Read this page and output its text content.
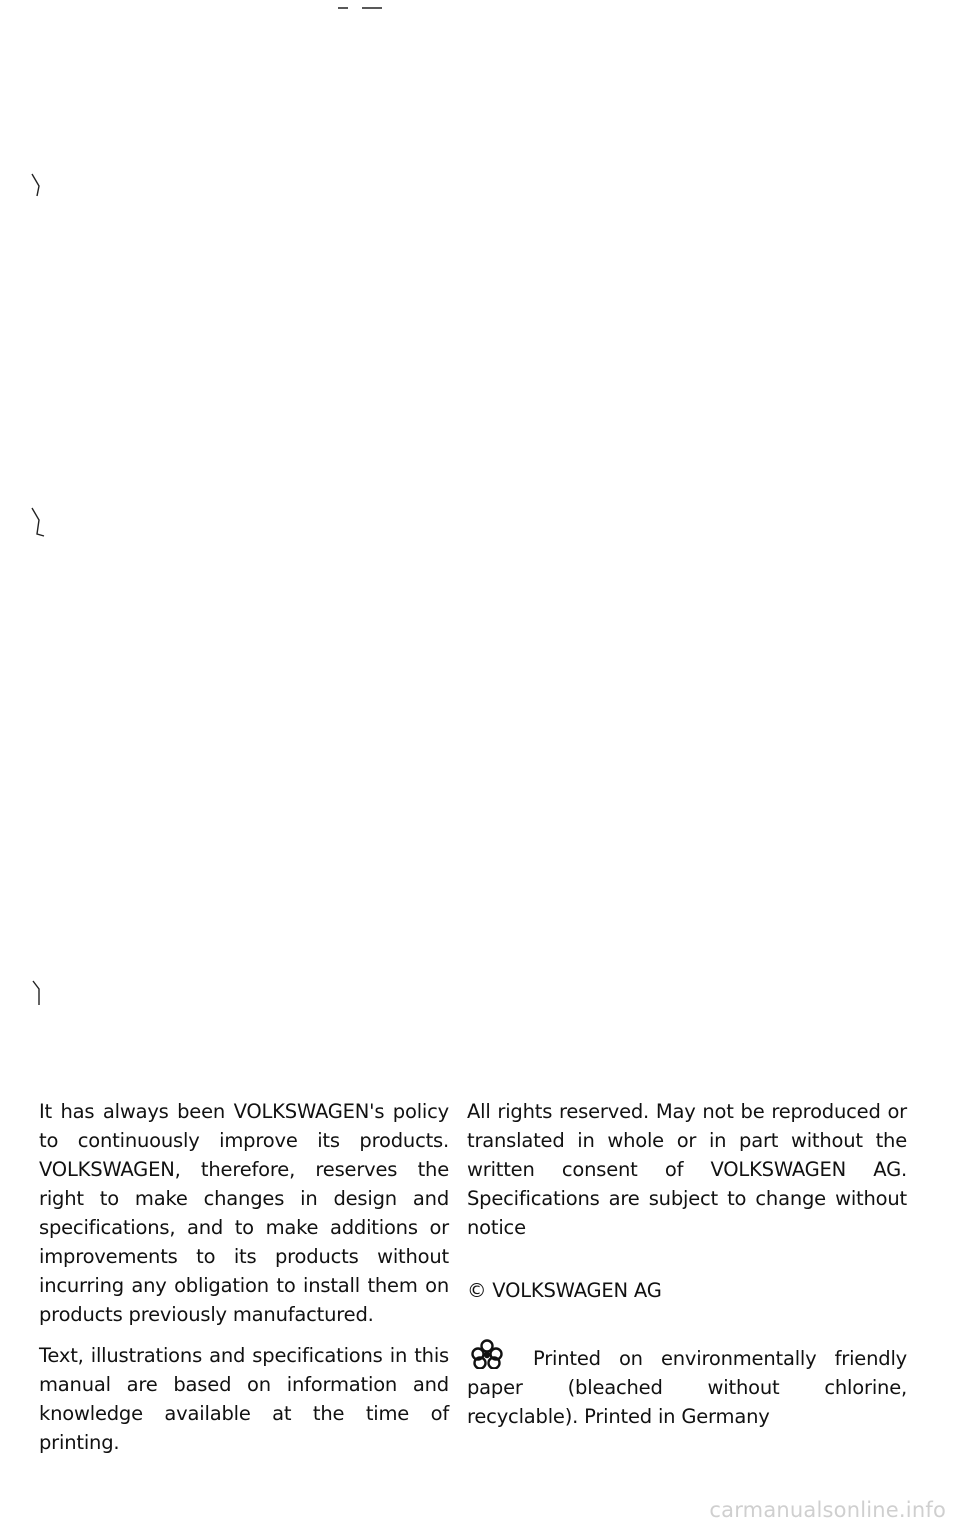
It has always been VOLKSWAGEN's policy to continuously improve its products. VOLKSWAGEN, therefore, reserves the right to make changes in design and specifications, and to make additions or improvements to its products without incurring any obligation to install them on products previously manufactured.

Text, illustrations and specifications in this manual are based on information and knowledge available at the time of printing.

All rights reserved. May not be reproduced or translated in whole or in part without the written consent of VOLKSWAGEN AG. Specifications are subject to change without notice

© VOLKSWAGEN AG

Printed on environmentally friendly paper (bleached without chlorine, recyclable). Printed in Germany

carmanualsonline.info
